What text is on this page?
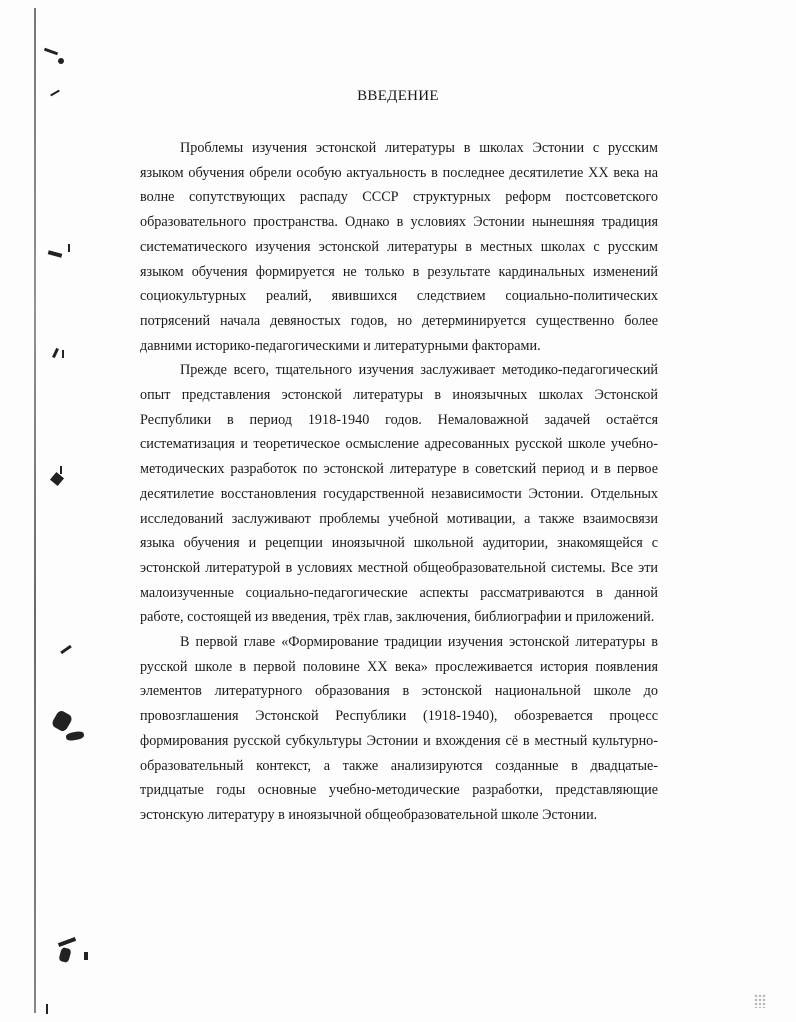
ВВЕДЕНИЕ

Проблемы изучения эстонской литературы в школах Эстонии с русским языком обучения обрели особую актуальность в последнее десятилетие XX века на волне сопутствующих распаду СССР структурных реформ постсоветского образовательного пространства. Однако в условиях Эстонии нынешняя традиция систематического изучения эстонской литературы в местных школах с русским языком обучения формируется не только в результате кардинальных изменений социокультурных реалий, явившихся следствием социально-политических потрясений начала девяностых годов, но детерминируется существенно более давними историко-педагогическими и литературными факторами.

Прежде всего, тщательного изучения заслуживает методико-педагогический опыт представления эстонской литературы в иноязычных школах Эстонской Республики в период 1918-1940 годов. Немаловажной задачей остаётся систематизация и теоретическое осмысление адресованных русской школе учебно-методических разработок по эстонской литературе в советский период и в первое десятилетие восстановления государственной независимости Эстонии. Отдельных исследований заслуживают проблемы учебной мотивации, а также взаимосвязи языка обучения и рецепции иноязычной школьной аудитории, знакомящейся с эстонской литературой в условиях местной общеобразовательной системы. Все эти малоизученные социально-педагогические аспекты рассматриваются в данной работе, состоящей из введения, трёх глав, заключения, библиографии и приложений.

В первой главе «Формирование традиции изучения эстонской литературы в русской школе в первой половине XX века» прослеживается история появления элементов литературного образования в эстонской национальной школе до провозглашения Эстонской Республики (1918-1940), обозревается процесс формирования русской субкультуры Эстонии и вхождения сё в местный культурно-образовательный контекст, а также анализируются созданные в двадцатые-тридцатые годы основные учебно-методические разработки, представляющие эстонскую литературу в иноязычной общеобразовательной школе Эстонии.
